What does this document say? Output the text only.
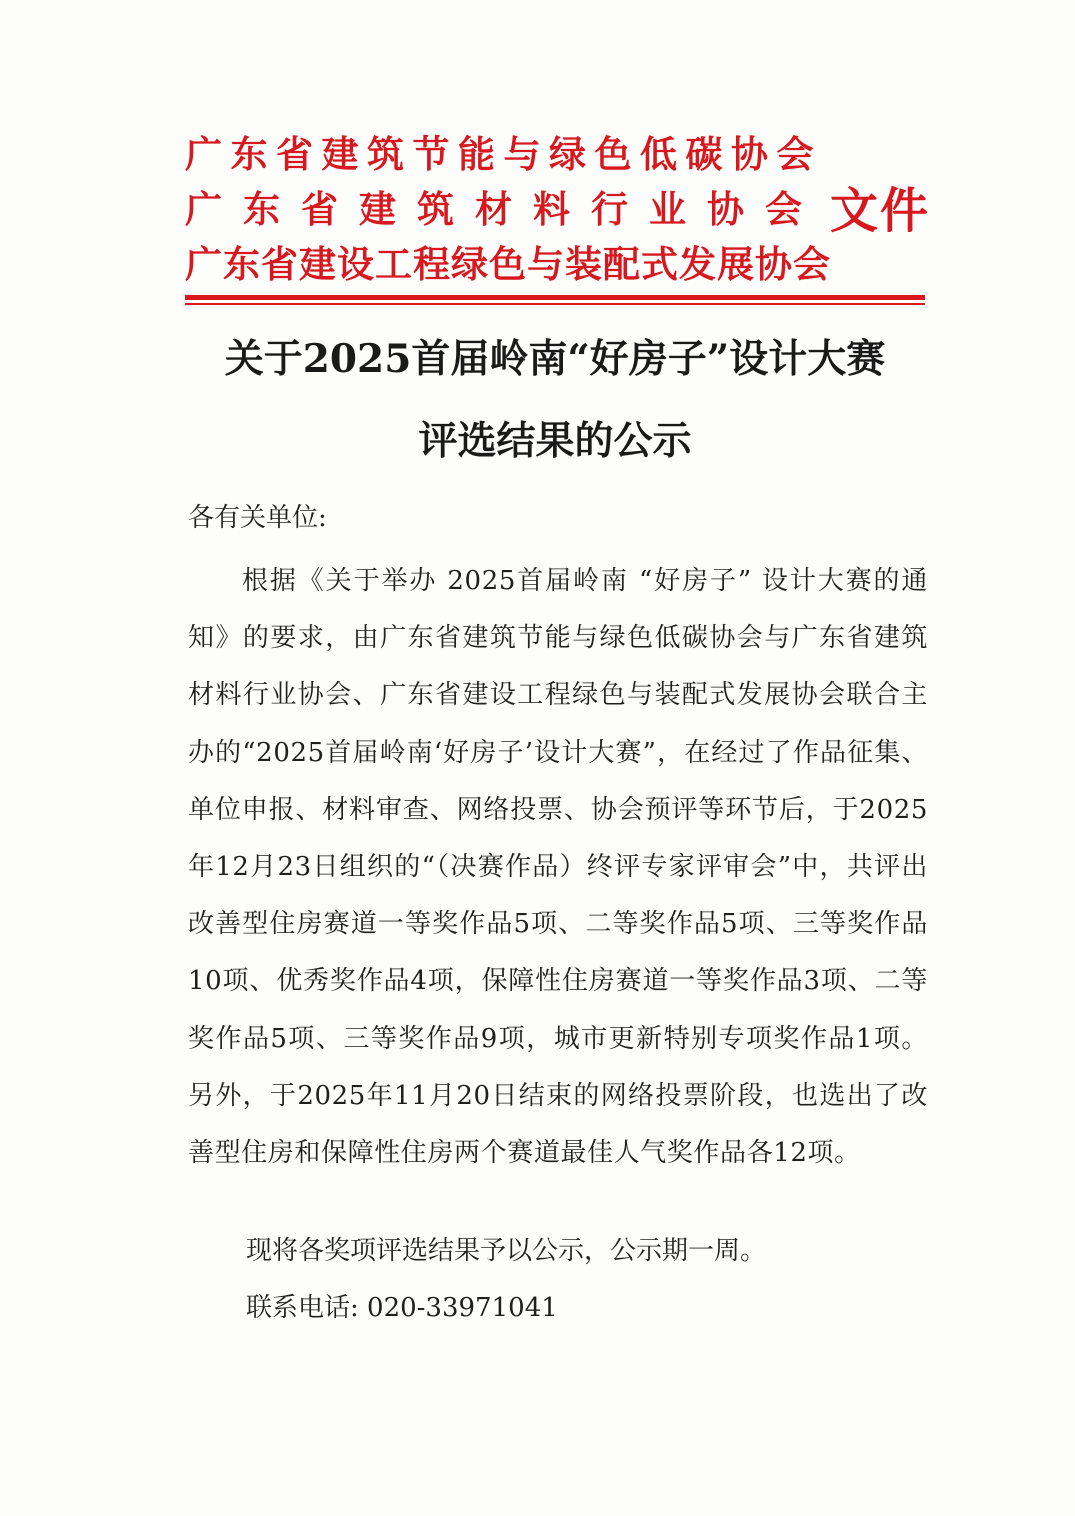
广东省建筑节能与绿色低碳协会
广东省建筑材料行业协会
广东省建设工程绿色与装配式发展协会
文件
关于2025首届岭南“好房子”设计大赛
评选结果的公示
各有关单位:
根据《关于举办 2025首届岭南 “好房子” 设计大赛的通知》的要求，由广东省建筑节能与绿色低碳协会与广东省建筑材料行业协会、广东省建设工程绿色与装配式发展协会联合主办的“2025首届岭南‘好房子’设计大赛”，在经过了作品征集、单位申报、材料审查、网络投票、协会预评等环节后，于2025年12月23日组织的“（决赛作品）终评专家评审会”中，共评出改善型住房赛道一等奖作品5项、二等奖作品5项、三等奖作品10项、优秀奖作品4项，保障性住房赛道一等奖作品3项、二等奖作品5项、三等奖作品9项，城市更新特别专项奖作品1项。另外，于2025年11月20日结束的网络投票阶段，也选出了改善型住房和保障性住房两个赛道最佳人气奖作品各12项。
现将各奖项评选结果予以公示，公示期一周。
联系电话: 020-33971041
